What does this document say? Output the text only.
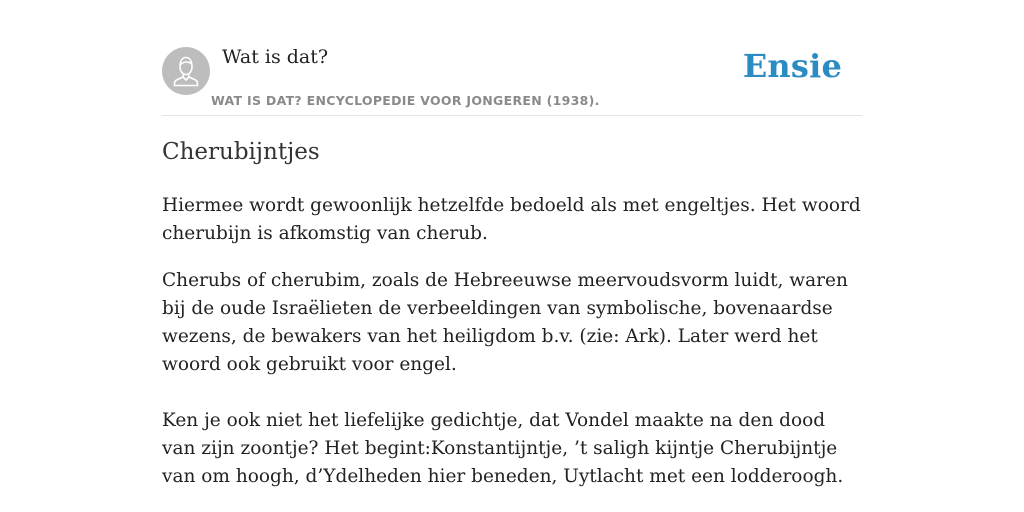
Wat is dat?
WAT IS DAT? ENCYCLOPEDIE VOOR JONGEREN (1938).
Ensie
Cherubijntjes

Hiermee wordt gewoonlijk hetzelfde bedoeld als met engeltjes. Het woord cherubijn is afkomstig van cherub.

Cherubs of cherubim, zoals de Hebreeuwse meervoudsvorm luidt, waren bij de oude Israëlieten de verbeeldingen van symbolische, bovenaardse wezens, de bewakers van het heiligdom b.v. (zie: Ark). Later werd het woord ook gebruikt voor engel.

Ken je ook niet het liefelijke gedichtje, dat Vondel maakte na den dood van zijn zoontje? Het begint:Konstantijntje, ’t saligh kijntje Cherubijntje van om hoogh, d’Ydelheden hier beneden, Uytlacht met een lodderoogh.
